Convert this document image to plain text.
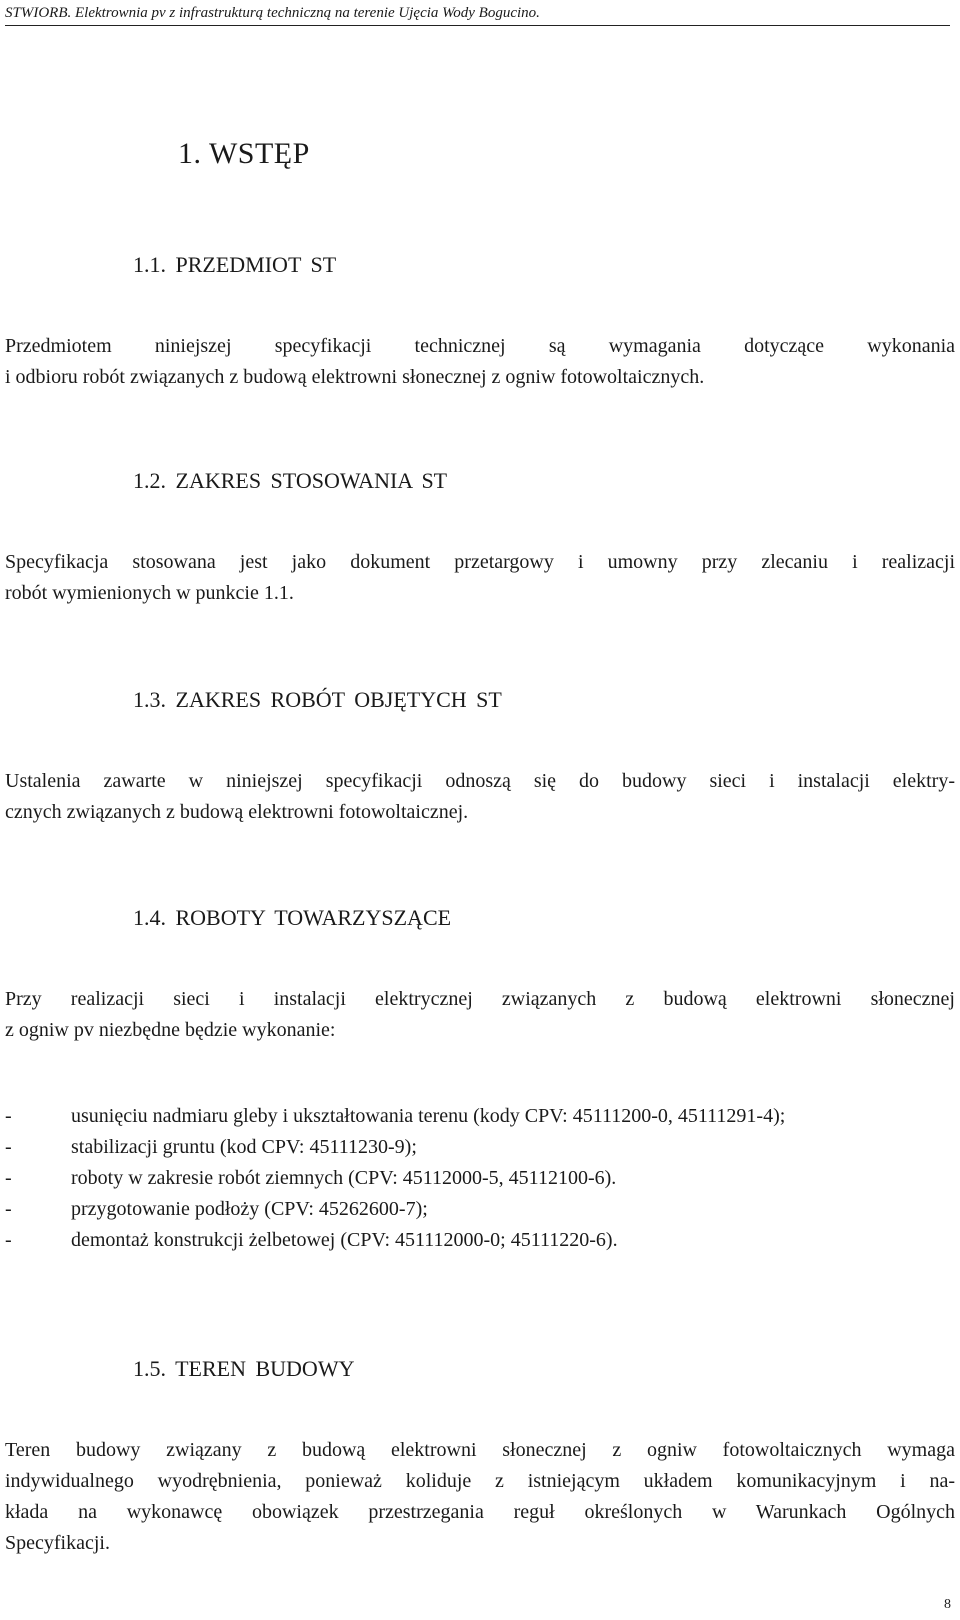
STWIORB. Elektrownia pv z infrastrukturą techniczną na terenie Ujęcia Wody Bogucino.
1. WSTĘP
1.1. PRZEDMIOT ST
Przedmiotem niniejszej specyfikacji technicznej są wymagania dotyczące wykonania
i odbioru robót związanych z budową elektrowni słonecznej z ogniw fotowoltaicznych.
1.2. ZAKRES STOSOWANIA ST
Specyfikacja stosowana jest jako dokument przetargowy i umowny przy zlecaniu i realizacji
robót wymienionych w punkcie 1.1.
1.3. ZAKRES ROBÓT OBJĘTYCH ST
Ustalenia zawarte w niniejszej specyfikacji odnoszą się do budowy sieci i instalacji elektry-
cznych związanych z budową elektrowni fotowoltaicznej.
1.4. ROBOTY TOWARZYSZĄCE
Przy realizacji sieci i instalacji elektrycznej związanych z budową elektrowni słonecznej
z ogniw pv niezbędne będzie wykonanie:
-	usunięciu nadmiaru gleby i ukształtowania terenu (kody CPV: 45111200-0, 45111291-4);
-	stabilizacji gruntu (kod CPV: 45111230-9);
-	roboty w zakresie robót ziemnych (CPV: 45112000-5, 45112100-6).
-	przygotowanie podłoży (CPV: 45262600-7);
-	demontaż konstrukcji żelbetowej (CPV: 451112000-0; 45111220-6).
1.5. TEREN BUDOWY
Teren budowy związany z budową elektrowni słonecznej z ogniw fotowoltaicznych wymaga
indywidualnego wyodrębnienia, ponieważ koliduje z istniejącym układem komunikacyjnym i na-
kłada na wykonawcę obowiązek przestrzegania reguł określonych w Warunkach Ogólnych
Specyfikacji.
8
